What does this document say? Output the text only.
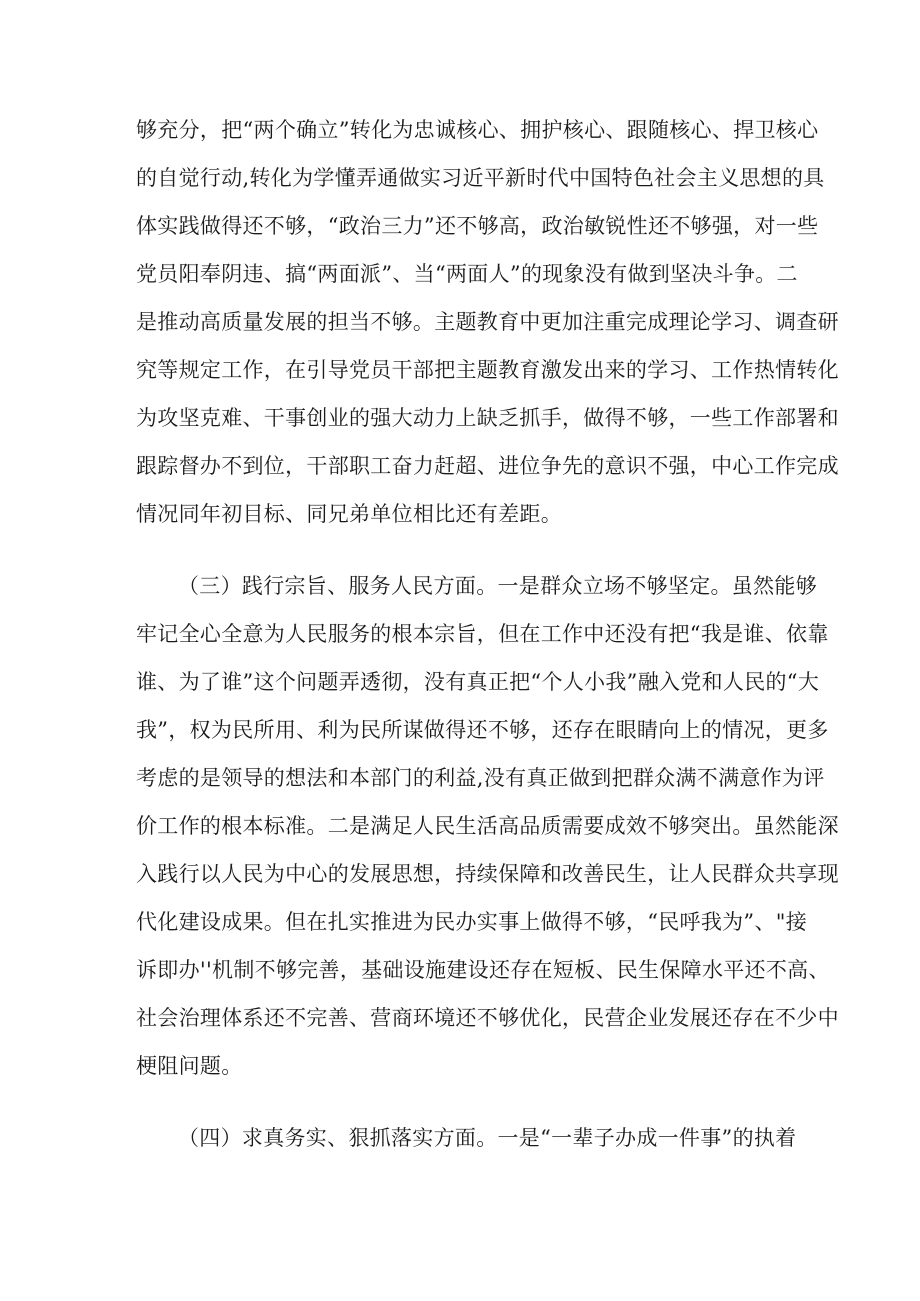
够充分，把“两个确立”转化为忠诚核心、拥护核心、跟随核心、捍卫核心
的自觉行动,转化为学懂弄通做实习近平新时代中国特色社会主义思想的具
体实践做得还不够，“政治三力”还不够高，政治敏锐性还不够强，对一些
党员阳奉阴违、搞“两面派”、当“两面人”的现象没有做到坚决斗争。二
是推动高质量发展的担当不够。主题教育中更加注重完成理论学习、调查研
究等规定工作，在引导党员干部把主题教育激发出来的学习、工作热情转化
为攻坚克难、干事创业的强大动力上缺乏抓手，做得不够，一些工作部署和
跟踪督办不到位，干部职工奋力赶超、进位争先的意识不强，中心工作完成
情况同年初目标、同兄弟单位相比还有差距。
（三）践行宗旨、服务人民方面。一是群众立场不够坚定。虽然能够
牢记全心全意为人民服务的根本宗旨，但在工作中还没有把“我是谁、依靠
谁、为了谁”这个问题弄透彻，没有真正把“个人小我”融入党和人民的“大
我”，权为民所用、利为民所谋做得还不够，还存在眼睛向上的情况，更多
考虑的是领导的想法和本部门的利益,没有真正做到把群众满不满意作为评
价工作的根本标准。二是满足人民生活高品质需要成效不够突出。虽然能深
入践行以人民为中心的发展思想，持续保障和改善民生，让人民群众共享现
代化建设成果。但在扎实推进为民办实事上做得不够，“民呼我为”、"接
诉即办''机制不够完善，基础设施建设还存在短板、民生保障水平还不高、
社会治理体系还不完善、营商环境还不够优化，民营企业发展还存在不少中
梗阻问题。
（四）求真务实、狠抓落实方面。一是“一辈子办成一件事”的执着
